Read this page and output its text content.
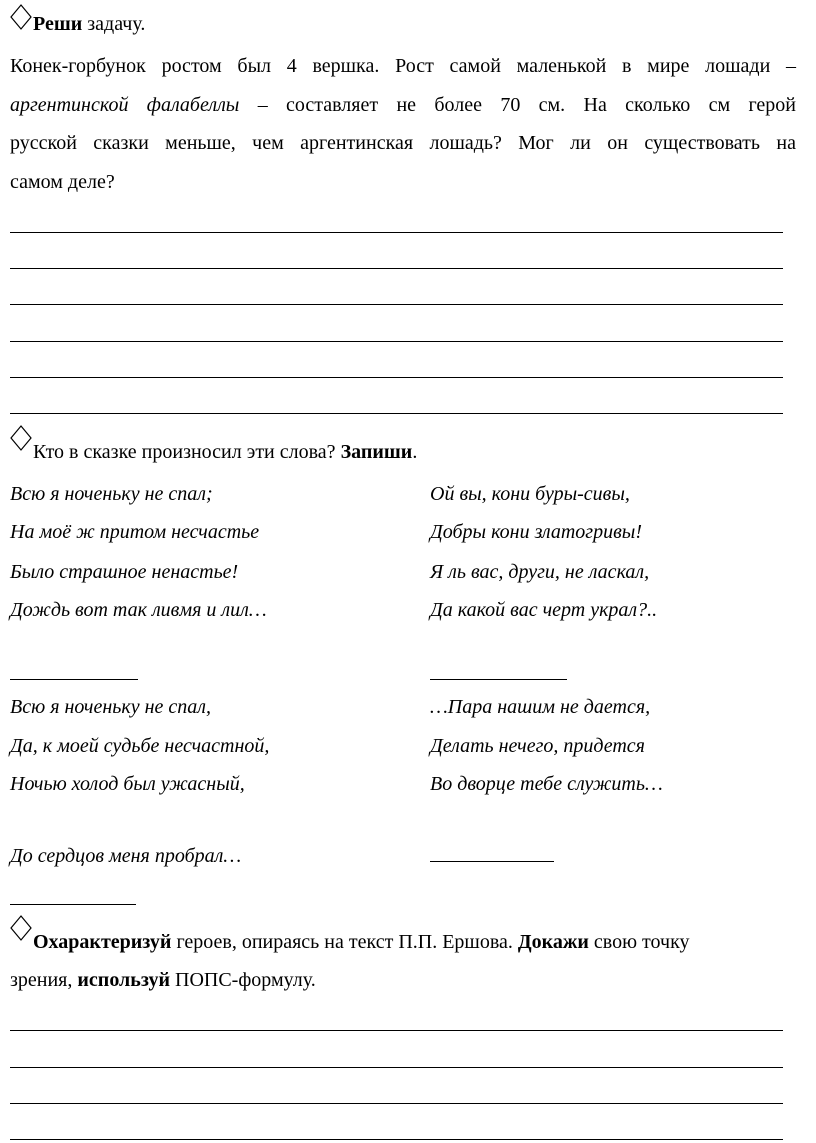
Реши задачу.
Конек-горбунок ростом был 4 вершка. Рост самой маленькой в мире лошади –
аргентинской фалабеллы – составляет не более 70 см. На сколько см герой
русской сказки меньше, чем аргентинская лошадь? Мог ли он существовать на
самом деле?
Кто в сказке произносил эти слова? Запиши.
Всю я ноченьку не спал;
На моё ж притом несчастье
Было страшное ненастье!
Дождь вот так ливмя и лил…
Ой вы, кони буры-сивы,
Добры кони златогривы!
Я ль вас, други, не ласкал,
Да какой вас черт украл?..
Всю я ноченьку не спал,
Да, к моей судьбе несчастной,
Ночью холод был ужасный,
До сердцов меня пробрал…
…Пара нашим не дается,
Делать нечего, придется
Во дворце тебе служить…
Охарактеризуй героев, опираясь на текст П.П. Ершова. Докажи свою точку
зрения, используй ПОПС-формулу.
